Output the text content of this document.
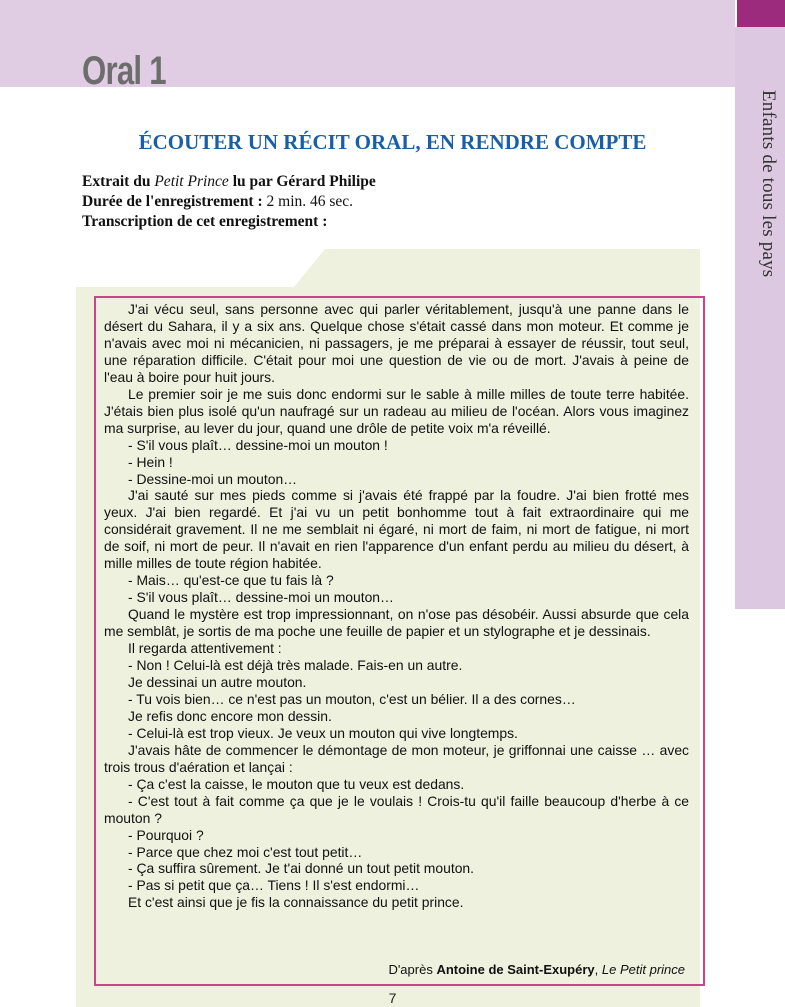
Enfants de tous les pays
Oral 1
ÉCOUTER UN RÉCIT ORAL, EN RENDRE COMPTE
Extrait du Petit Prince lu par Gérard Philipe
Durée de l'enregistrement : 2 min. 46 sec.
Transcription de cet enregistrement :

J'ai vécu seul, sans personne avec qui parler véritablement, jusqu'à une panne dans le désert du Sahara, il y a six ans. Quelque chose s'était cassé dans mon moteur. Et comme je n'avais avec moi ni mécanicien, ni passagers, je me préparai à essayer de réussir, tout seul, une réparation difficile. C'était pour moi une question de vie ou de mort. J'avais à peine de l'eau à boire pour huit jours.

Le premier soir je me suis donc endormi sur le sable à mille milles de toute terre habitée. J'étais bien plus isolé qu'un naufragé sur un radeau au milieu de l'océan. Alors vous imaginez ma surprise, au lever du jour, quand une drôle de petite voix m'a réveillé.

- S'il vous plaît… dessine-moi un mouton !

- Hein !

- Dessine-moi un mouton…

J'ai sauté sur mes pieds comme si j'avais été frappé par la foudre. J'ai bien frotté mes yeux. J'ai bien regardé. Et j'ai vu un petit bonhomme tout à fait extraordinaire qui me considérait gravement. Il ne me semblait ni égaré, ni mort de faim, ni mort de fatigue, ni mort de soif, ni mort de peur. Il n'avait en rien l'apparence d'un enfant perdu au milieu du désert, à mille milles de toute région habitée.

- Mais… qu'est-ce que tu fais là ?

- S'il vous plaît… dessine-moi un mouton…

Quand le mystère est trop impressionnant, on n'ose pas désobéir. Aussi absurde que cela me semblât, je sortis de ma poche une feuille de papier et un stylographe et je dessinais.

Il regarda attentivement :

- Non ! Celui-là est déjà très malade. Fais-en un autre.

Je dessinai un autre mouton.

- Tu vois bien… ce n'est pas un mouton, c'est un bélier. Il a des cornes…

Je refis donc encore mon dessin.

- Celui-là est trop vieux. Je veux un mouton qui vive longtemps.

J'avais hâte de commencer le démontage de mon moteur, je griffonnai une caisse … avec trois trous d'aération et lançai :

- Ça c'est la caisse, le mouton que tu veux est dedans.

- C'est tout à fait comme ça que je le voulais ! Crois-tu qu'il faille beaucoup d'herbe à ce mouton ?

- Pourquoi ?

- Parce que chez moi c'est tout petit…

- Ça suffira sûrement. Je t'ai donné un tout petit mouton.

- Pas si petit que ça… Tiens ! Il s'est endormi…

Et c'est ainsi que je fis la connaissance du petit prince.

D'après Antoine de Saint-Exupéry, Le Petit prince
7
